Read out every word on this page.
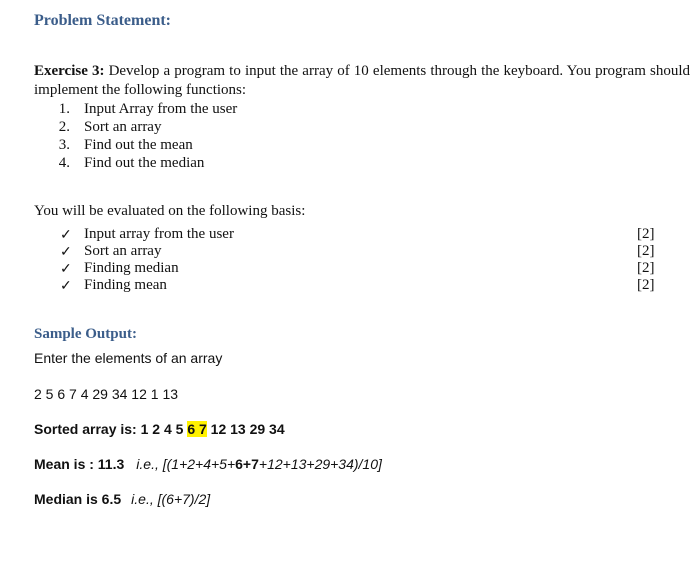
Problem Statement:
Exercise 3: Develop a program to input the array of 10 elements through the keyboard. You program should implement the following functions:
1. Input Array from the user
2. Sort an array
3. Find out the mean
4. Find out the median
You will be evaluated on the following basis:
✓ Input array from the user	[2]
✓ Sort an array	[2]
✓ Finding median	[2]
✓ Finding mean	[2]
Sample Output:
Enter the elements of an array
2 5 6 7 4 29 34 12 1 13
Sorted array is: 1 2 4 5 6 7 12 13 29 34
Mean is : 11.3 i.e., [(1+2+4+5+6+7+12+13+29+34)/10]
Median is 6.5 i.e., [(6+7)/2]
